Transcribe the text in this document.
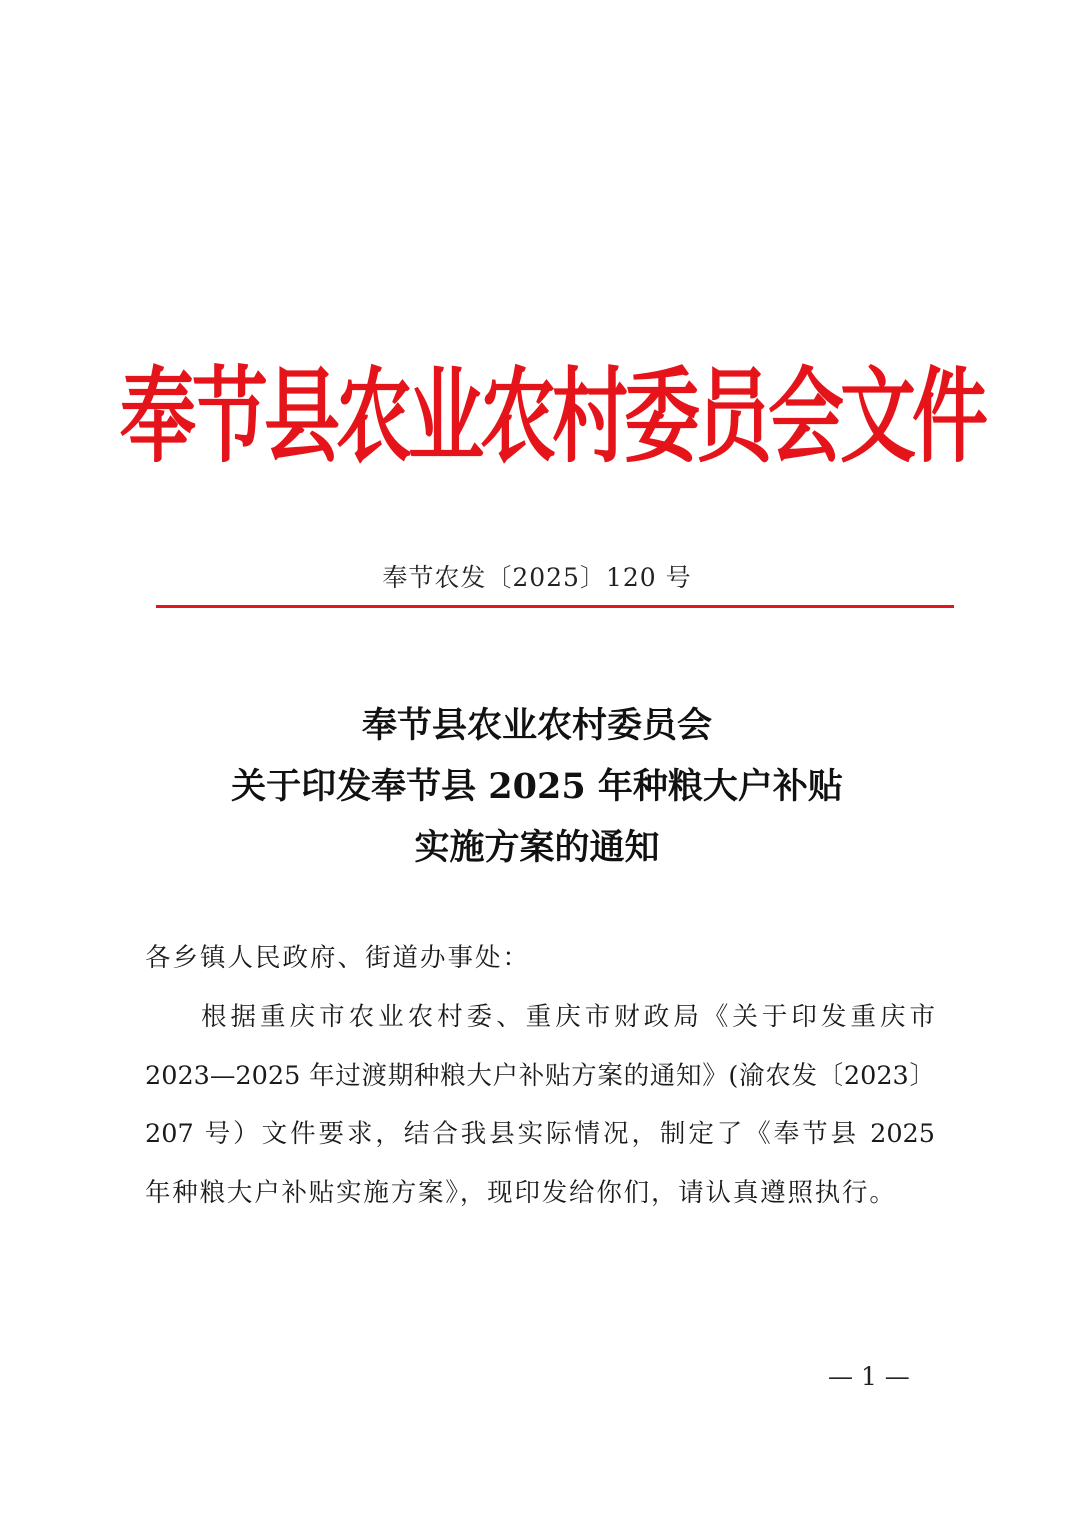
奉节县农业农村委员会文件
奉节农发〔2025〕120 号
奉节县农业农村委员会
关于印发奉节县 2025 年种粮大户补贴
实施方案的通知
各乡镇人民政府、街道办事处：
根据重庆市农业农村委、重庆市财政局《关于印发重庆市
2023—2025 年过渡期种粮大户补贴方案的通知》(渝农发〔2023〕
207 号）文件要求，结合我县实际情况，制定了《奉节县 2025
年种粮大户补贴实施方案》，现印发给你们，请认真遵照执行。
— 1 —
